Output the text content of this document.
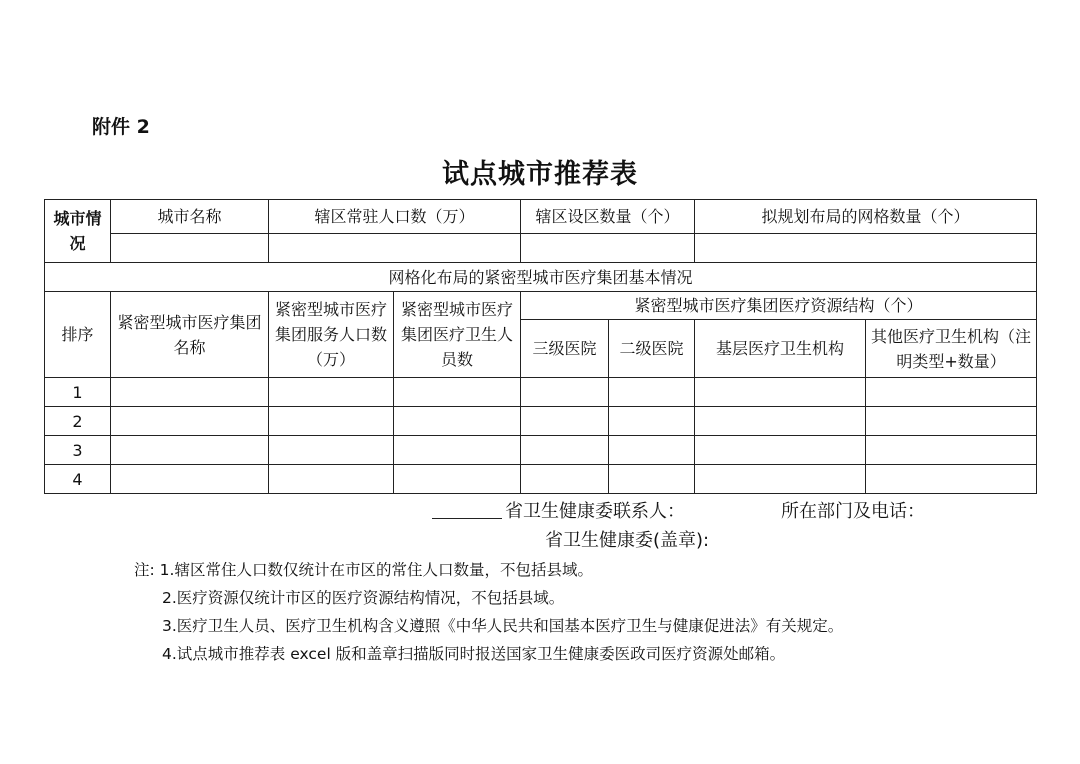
附件 2
试点城市推荐表
城市情况	城市名称	辖区常驻人口数（万）		辖区设区数量（个）		拟规划布局的网格数量（个）	

网格化布局的紧密型城市医疗集团基本情况							
排序	紧密型城市医疗集团名称	紧密型城市医疗集团服务人口数（万）	紧密型城市医疗集团医疗卫生人员数	紧密型城市医疗集团医疗资源结构（个）			
				三级医院	二级医院	基层医疗卫生机构	其他医疗卫生机构（注明类型+数量）
1							
2							
3							
4							
省卫生健康委联系人：	所在部门及电话：
省卫生健康委(盖章):
注: 1.辖区常住人口数仅统计在市区的常住人口数量，不包括县域。
2.医疗资源仅统计市区的医疗资源结构情况，不包括县域。
3.医疗卫生人员、医疗卫生机构含义遵照《中华人民共和国基本医疗卫生与健康促进法》有关规定。
4.试点城市推荐表 excel 版和盖章扫描版同时报送国家卫生健康委医政司医疗资源处邮箱。
